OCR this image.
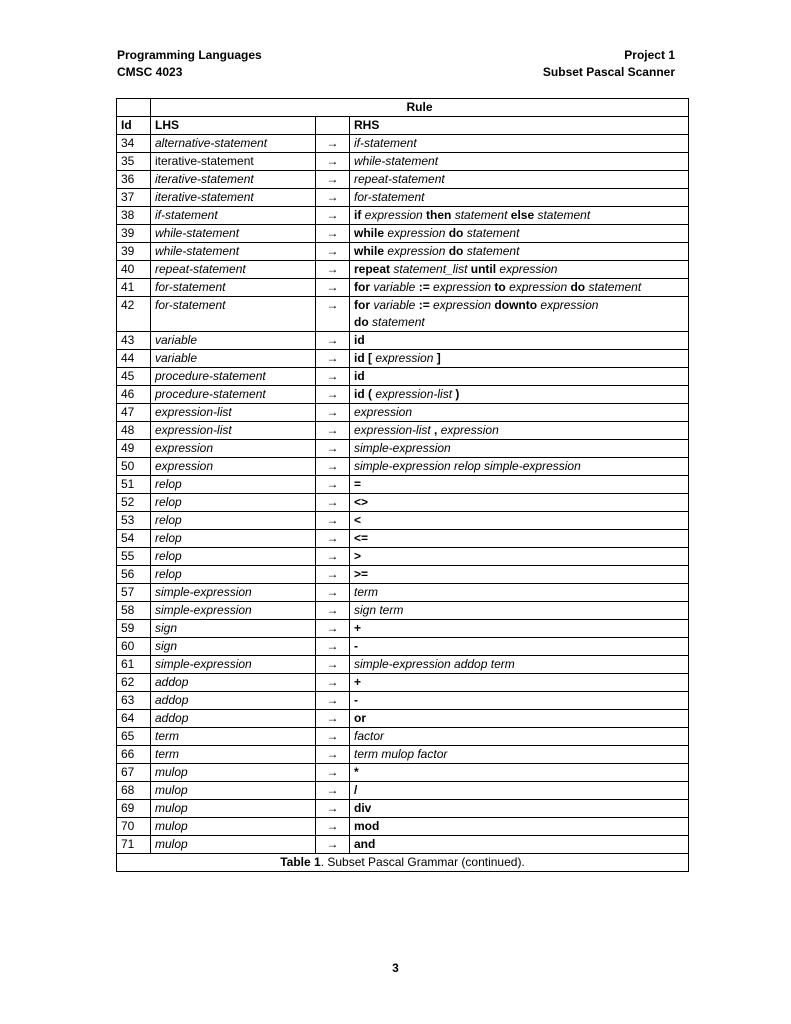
Programming Languages
CMSC 4023
Project 1
Subset Pascal Scanner
	Rule		
Id	LHS		RHS
34	alternative-statement	→	if-statement

35	iterative-statement	→	while-statement

36	iterative-statement	→	repeat-statement

37	iterative-statement	→	for-statement

38	if-statement	→	if expression then statement else statement

39	while-statement	→	while expression do statement

39	while-statement	→	while expression do statement

40	repeat-statement	→	repeat statement_list until expression

41	for-statement	→	for variable := expression to expression do statement

42	for-statement	→	for variable := expression downto expression
do statement

43	variable	→	id

44	variable	→	id [ expression ]

45	procedure-statement	→	id

46	procedure-statement	→	id ( expression-list )

47	expression-list	→	expression

48	expression-list	→	expression-list , expression

49	expression	→	simple-expression

50	expression	→	simple-expression relop simple-expression

51	relop	→	=

52	relop	→	<>

53	relop	→	<

54	relop	→	<=

55	relop	→	>

56	relop	→	>=

57	simple-expression	→	term

58	simple-expression	→	sign term

59	sign	→	+

60	sign	→	-

61	simple-expression	→	simple-expression addop term

62	addop	→	+

63	addop	→	-

64	addop	→	or

65	term	→	factor

66	term	→	term mulop factor

67	mulop	→	*

68	mulop	→	/

69	mulop	→	div

70	mulop	→	mod

71	mulop	→	and

Table 1. Subset Pascal Grammar (continued).			
3
